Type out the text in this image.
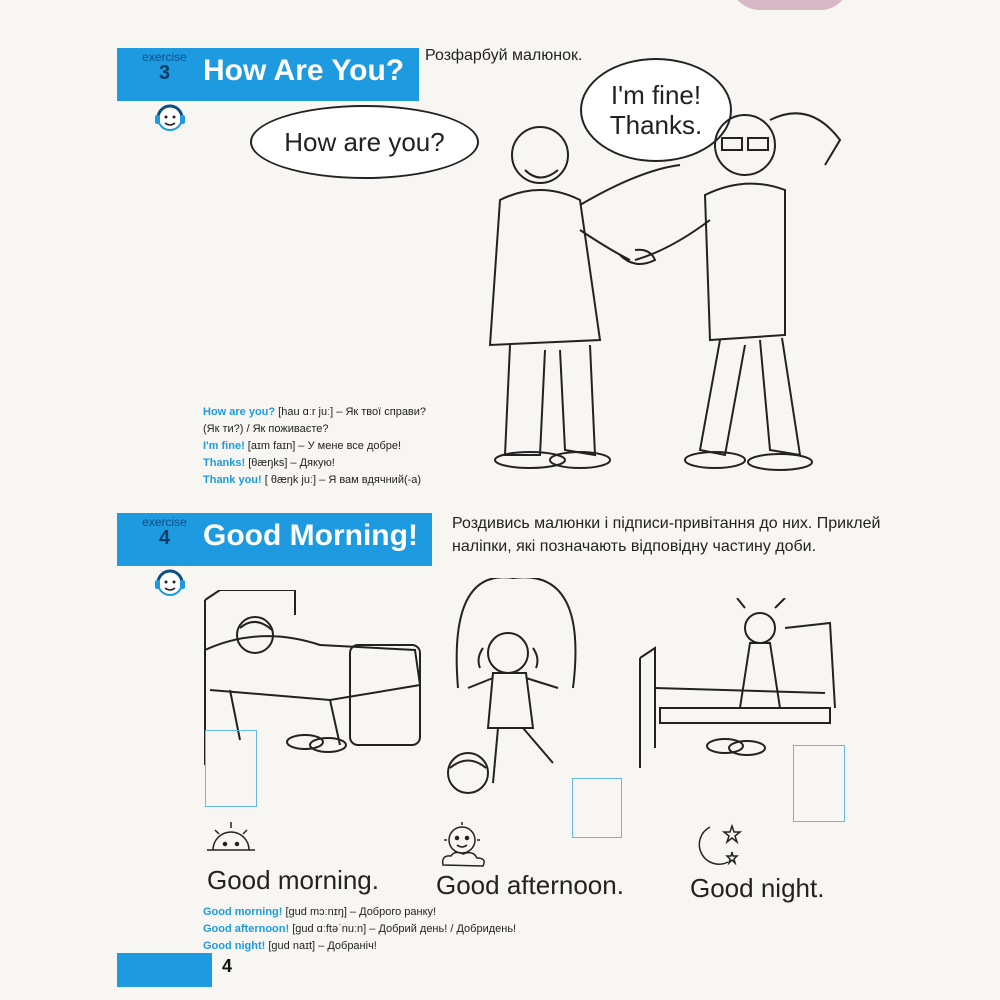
exercise
3	How Are You? Розфарбуй малюнок.
How are you?
I'm fine!
Thanks.
How are you? [hau ɑːr juː] – Як твої справи?
(Як ти?) / Як поживаєте?
I'm fine! [aɪm faɪn] – У мене все добре!
Thanks! [θæŋks] – Дякую!
Thank you! [ θæŋk juː] – Я вам вдячний(-а)
exercise
4	Good Morning! Роздивись малюнки і підписи-привітання до них. Приклей
наліпки, які позначають відповідну частину доби.
Good morning. Good afternoon.	Good night.
Good morning! [gud mɔːnɪŋ] – Доброго ранку!
Good afternoon! [gud ɑːftəˈnuːn] – Добрий день! / Добридень!
Good night! [gud naɪt] – Добраніч!
4
